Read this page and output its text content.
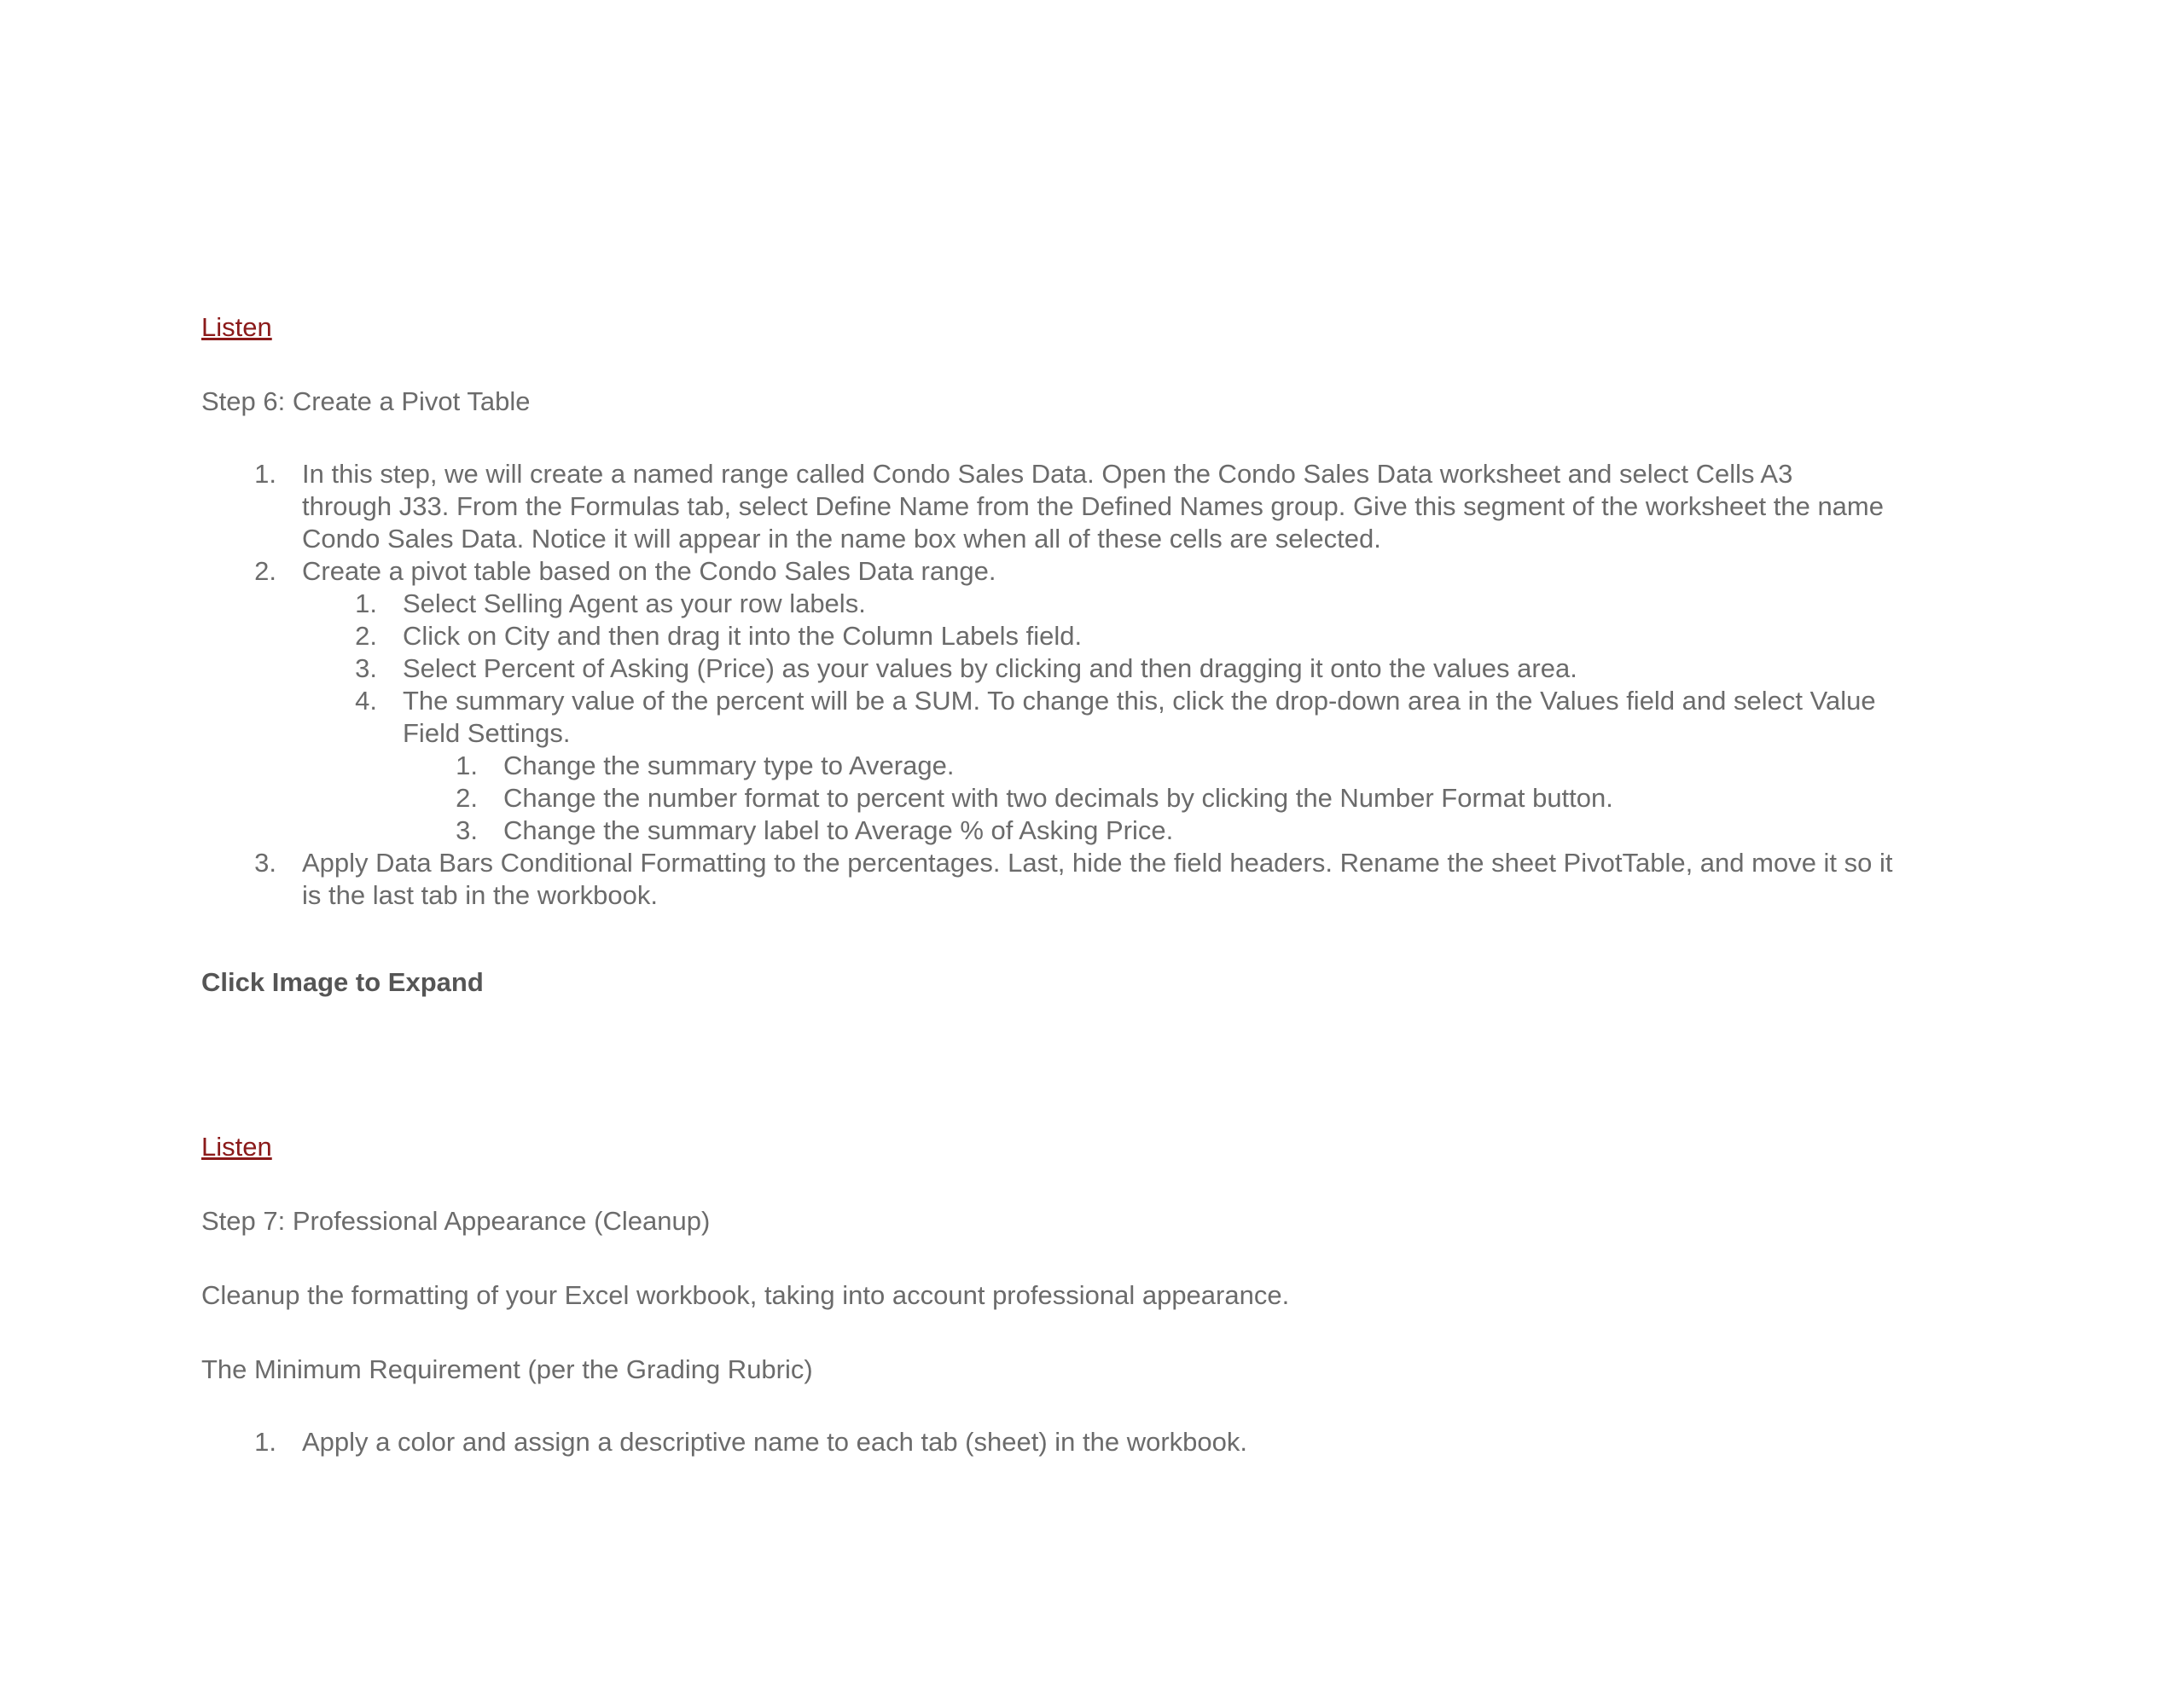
Listen
Step 6: Create a Pivot Table
1. In this step, we will create a named range called Condo Sales Data. Open the Condo Sales Data worksheet and select Cells A3
through J33. From the Formulas tab, select Define Name from the Defined Names group. Give this segment of the worksheet the name
Condo Sales Data. Notice it will appear in the name box when all of these cells are selected.
2. Create a pivot table based on the Condo Sales Data range.
1. Select Selling Agent as your row labels.
2. Click on City and then drag it into the Column Labels field.
3. Select Percent of Asking (Price) as your values by clicking and then dragging it onto the values area.
4. The summary value of the percent will be a SUM. To change this, click the drop-down area in the Values field and select Value
Field Settings.
1. Change the summary type to Average.
2. Change the number format to percent with two decimals by clicking the Number Format button.
3. Change the summary label to Average % of Asking Price.
3. Apply Data Bars Conditional Formatting to the percentages. Last, hide the field headers. Rename the sheet PivotTable, and move it so it
is the last tab in the workbook.
Click Image to Expand
Listen
Step 7: Professional Appearance (Cleanup)
Cleanup the formatting of your Excel workbook, taking into account professional appearance.
The Minimum Requirement (per the Grading Rubric)
1. Apply a color and assign a descriptive name to each tab (sheet) in the workbook.
